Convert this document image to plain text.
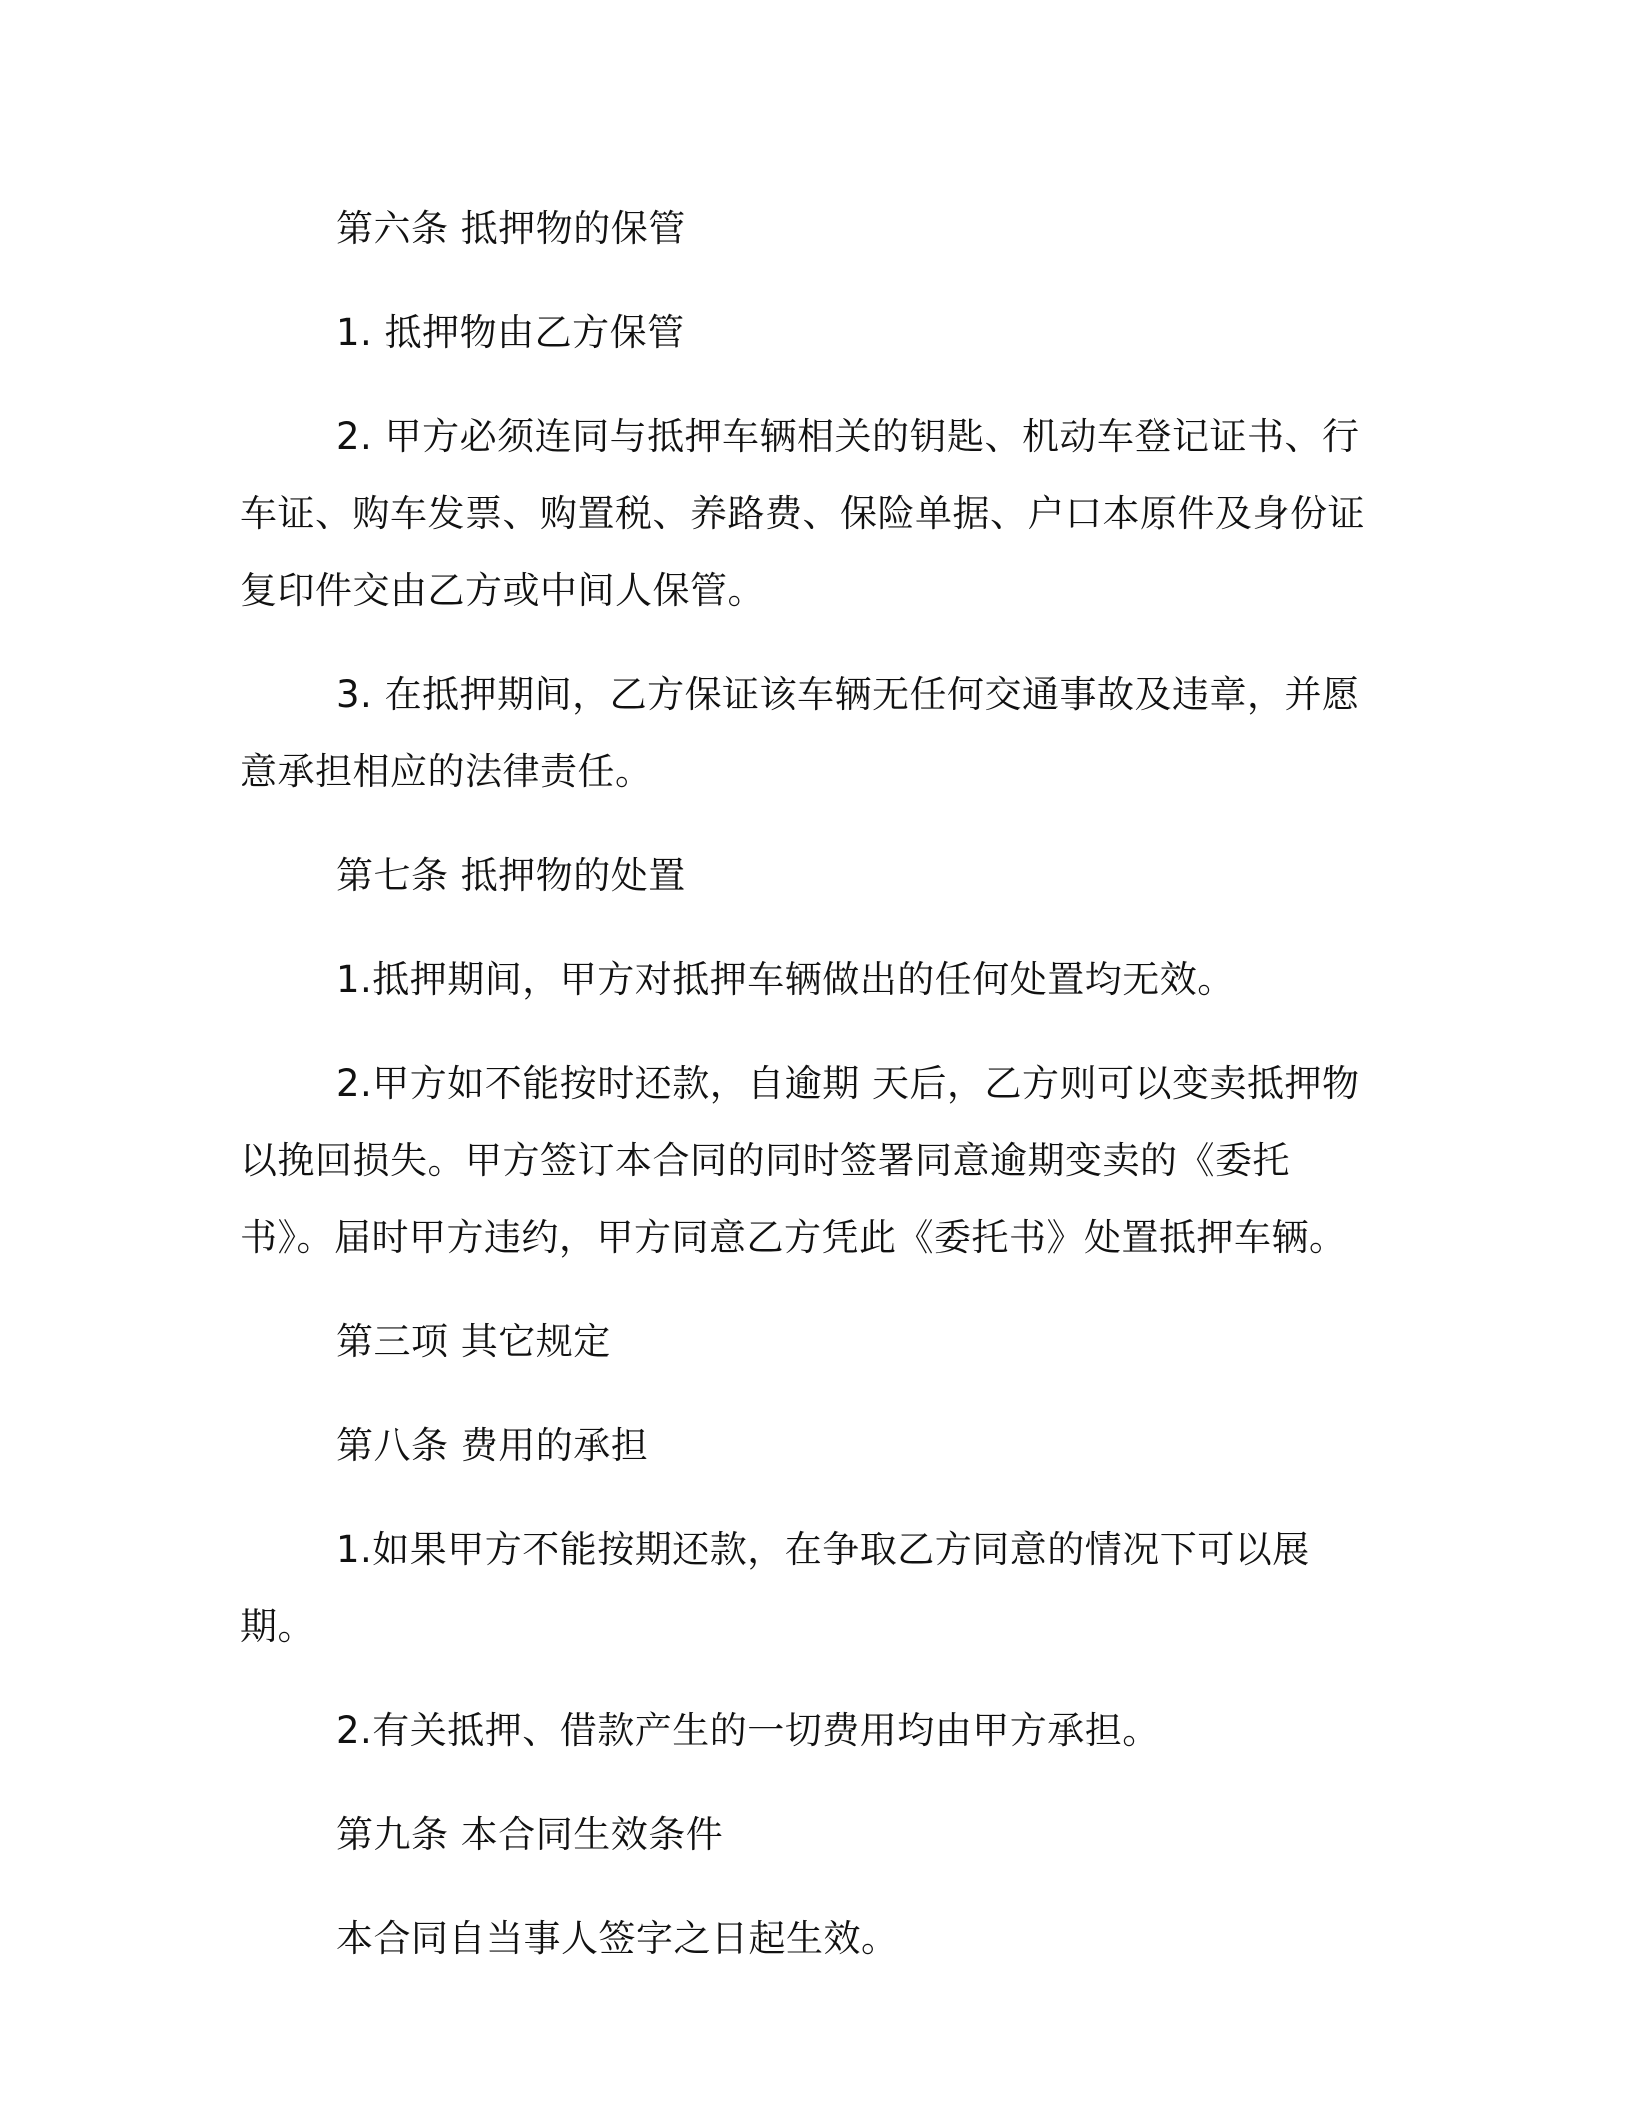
第六条 抵押物的保管

1. 抵押物由乙方保管

2. 甲方必须连同与抵押车辆相关的钥匙、机动车登记证书、行车证、购车发票、购置税、养路费、保险单据、户口本原件及身份证复印件交由乙方或中间人保管。

3. 在抵押期间，乙方保证该车辆无任何交通事故及违章，并愿意承担相应的法律责任。

第七条 抵押物的处置

1.抵押期间，甲方对抵押车辆做出的任何处置均无效。

2.甲方如不能按时还款，自逾期 天后，乙方则可以变卖抵押物以挽回损失。甲方签订本合同的同时签署同意逾期变卖的《委托书》。届时甲方违约，甲方同意乙方凭此《委托书》处置抵押车辆。

第三项 其它规定

第八条 费用的承担

1.如果甲方不能按期还款，在争取乙方同意的情况下可以展期。

2.有关抵押、借款产生的一切费用均由甲方承担。

第九条 本合同生效条件

本合同自当事人签字之日起生效。
